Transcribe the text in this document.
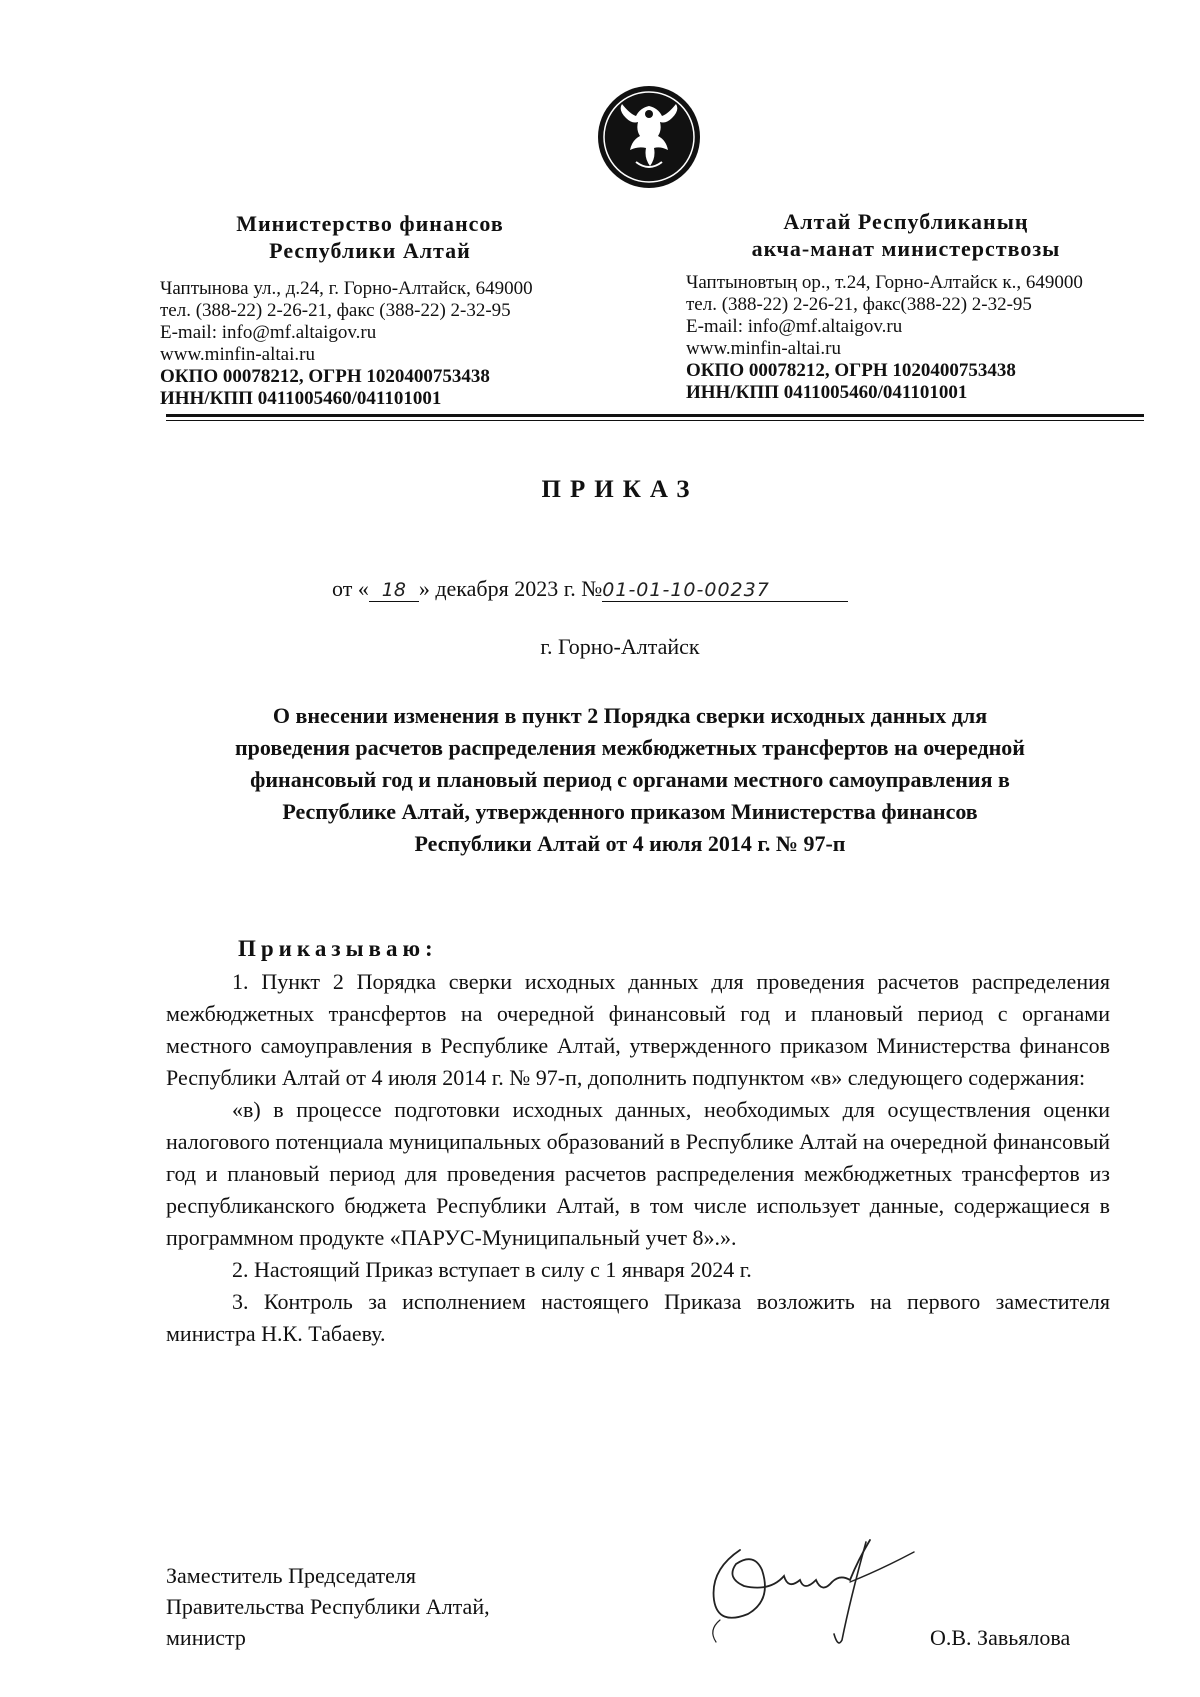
Министерство финансов
Республики Алтай
Чаптынова ул., д.24, г. Горно-Алтайск, 649000
тел. (388-22) 2-26-21, факс (388-22) 2-32-95
E-mail: info@mf.altaigov.ru
www.minfin-altai.ru
ОКПО 00078212, ОГРН 1020400753438
ИНН/КПП 0411005460/041101001
Алтай Республиканың
акча-манат министерствозы
Чаптыновтың ор., т.24, Горно-Алтайск к., 649000
тел. (388-22) 2-26-21, факс(388-22) 2-32-95
E-mail: info@mf.altaigov.ru
www.minfin-altai.ru
ОКПО 00078212, ОГРН 1020400753438
ИНН/КПП 0411005460/041101001
ПРИКАЗ
от « 18 » декабря 2023 г. №01-01-10-00237
г. Горно-Алтайск
О внесении изменения в пункт 2 Порядка сверки исходных данных для
проведения расчетов распределения межбюджетных трансфертов на очередной
финансовый год и плановый период с органами местного самоуправления в
Республике Алтай, утвержденного приказом Министерства финансов
Республики Алтай от 4 июля 2014 г. № 97-п
Приказываю:

1. Пункт 2 Порядка сверки исходных данных для проведения расчетов распределения межбюджетных трансфертов на очередной финансовый год и плановый период с органами местного самоуправления в Республике Алтай, утвержденного приказом Министерства финансов Республики Алтай от 4 июля 2014 г. № 97-п, дополнить подпунктом «в» следующего содержания:

«в) в процессе подготовки исходных данных, необходимых для осуществления оценки налогового потенциала муниципальных образований в Республике Алтай на очередной финансовый год и плановый период для проведения расчетов распределения межбюджетных трансфертов из республиканского бюджета Республики Алтай, в том числе использует данные, содержащиеся в программном продукте «ПАРУС-Муниципальный учет 8».».

2. Настоящий Приказ вступает в силу с 1 января 2024 г.

3. Контроль за исполнением настоящего Приказа возложить на первого заместителя министра Н.К. Табаеву.

Заместитель Председателя
Правительства Республики Алтай,
министр	О.В. Завьялова
